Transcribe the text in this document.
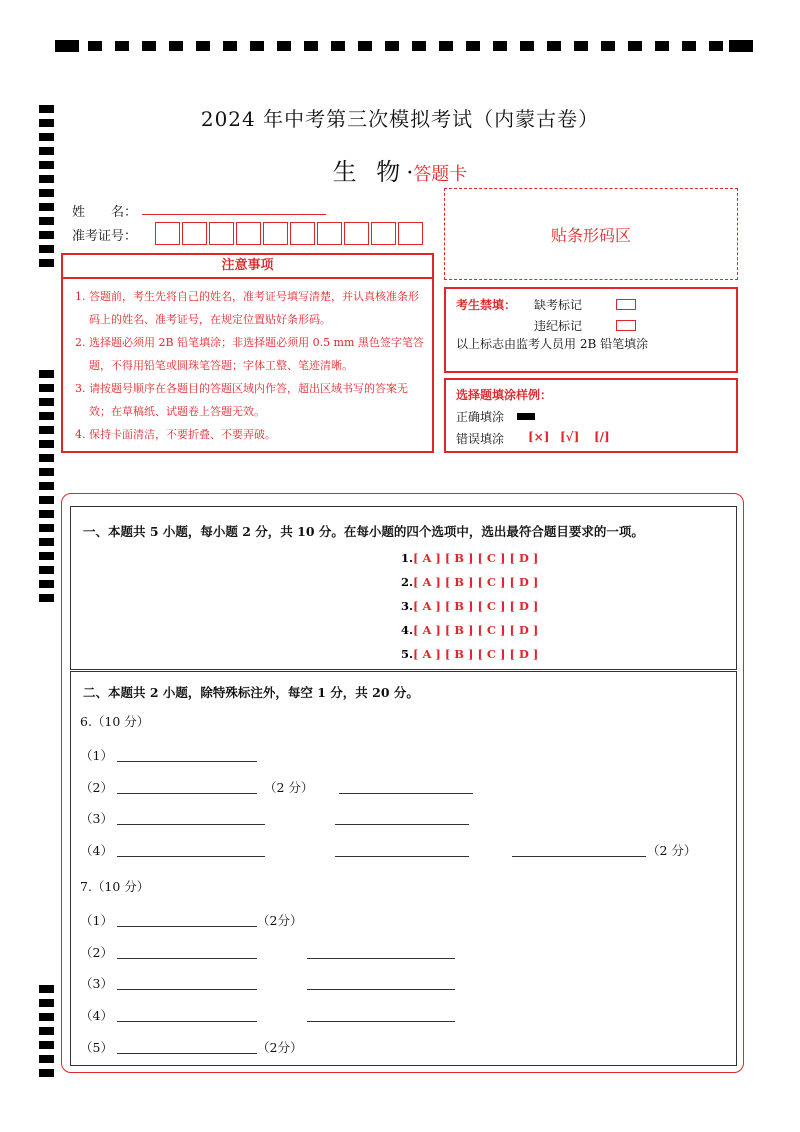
2024 年中考第三次模拟考试（内蒙古卷）
生 物·答题卡
姓　　名：
准考证号：
注意事项
1. 答题前，考生先将自己的姓名，准考证号填写清楚，并认真核准条形码上的姓名、准考证号，在规定位置贴好条形码。
2. 选择题必须用 2B 铅笔填涂；非选择题必须用 0.5 mm 黑色签字笔答题，不得用铅笔或圆珠笔答题；字体工整、笔迹清晰。
3. 请按题号顺序在各题目的答题区域内作答，超出区域书写的答案无效；在草稿纸、试题卷上答题无效。
4. 保持卡面清洁，不要折叠、不要弄破。
贴条形码区
考生禁填： 缺考标记
违纪标记
以上标志由监考人员用 2B 铅笔填涂
选择题填涂样例：
正确填涂
错误填涂 [×] [√] [/]
一、本题共 5 小题，每小题 2 分，共 10 分。在每小题的四个选项中，选出最符合题目要求的一项。
1.[ A ] [ B ] [ C ] [ D ]
2.[ A ] [ B ] [ C ] [ D ]
3.[ A ] [ B ] [ C ] [ D ]
4.[ A ] [ B ] [ C ] [ D ]
5.[ A ] [ B ] [ C ] [ D ]
二、本题共 2 小题，除特殊标注外，每空 1 分，共 20 分。
6.（10 分）
（1）
（2）	（2 分）
（3）
（4）	（2 分）
7.（10 分）
（1）	（2分）
（2）
（3）
（4）
（5）	（2分）
